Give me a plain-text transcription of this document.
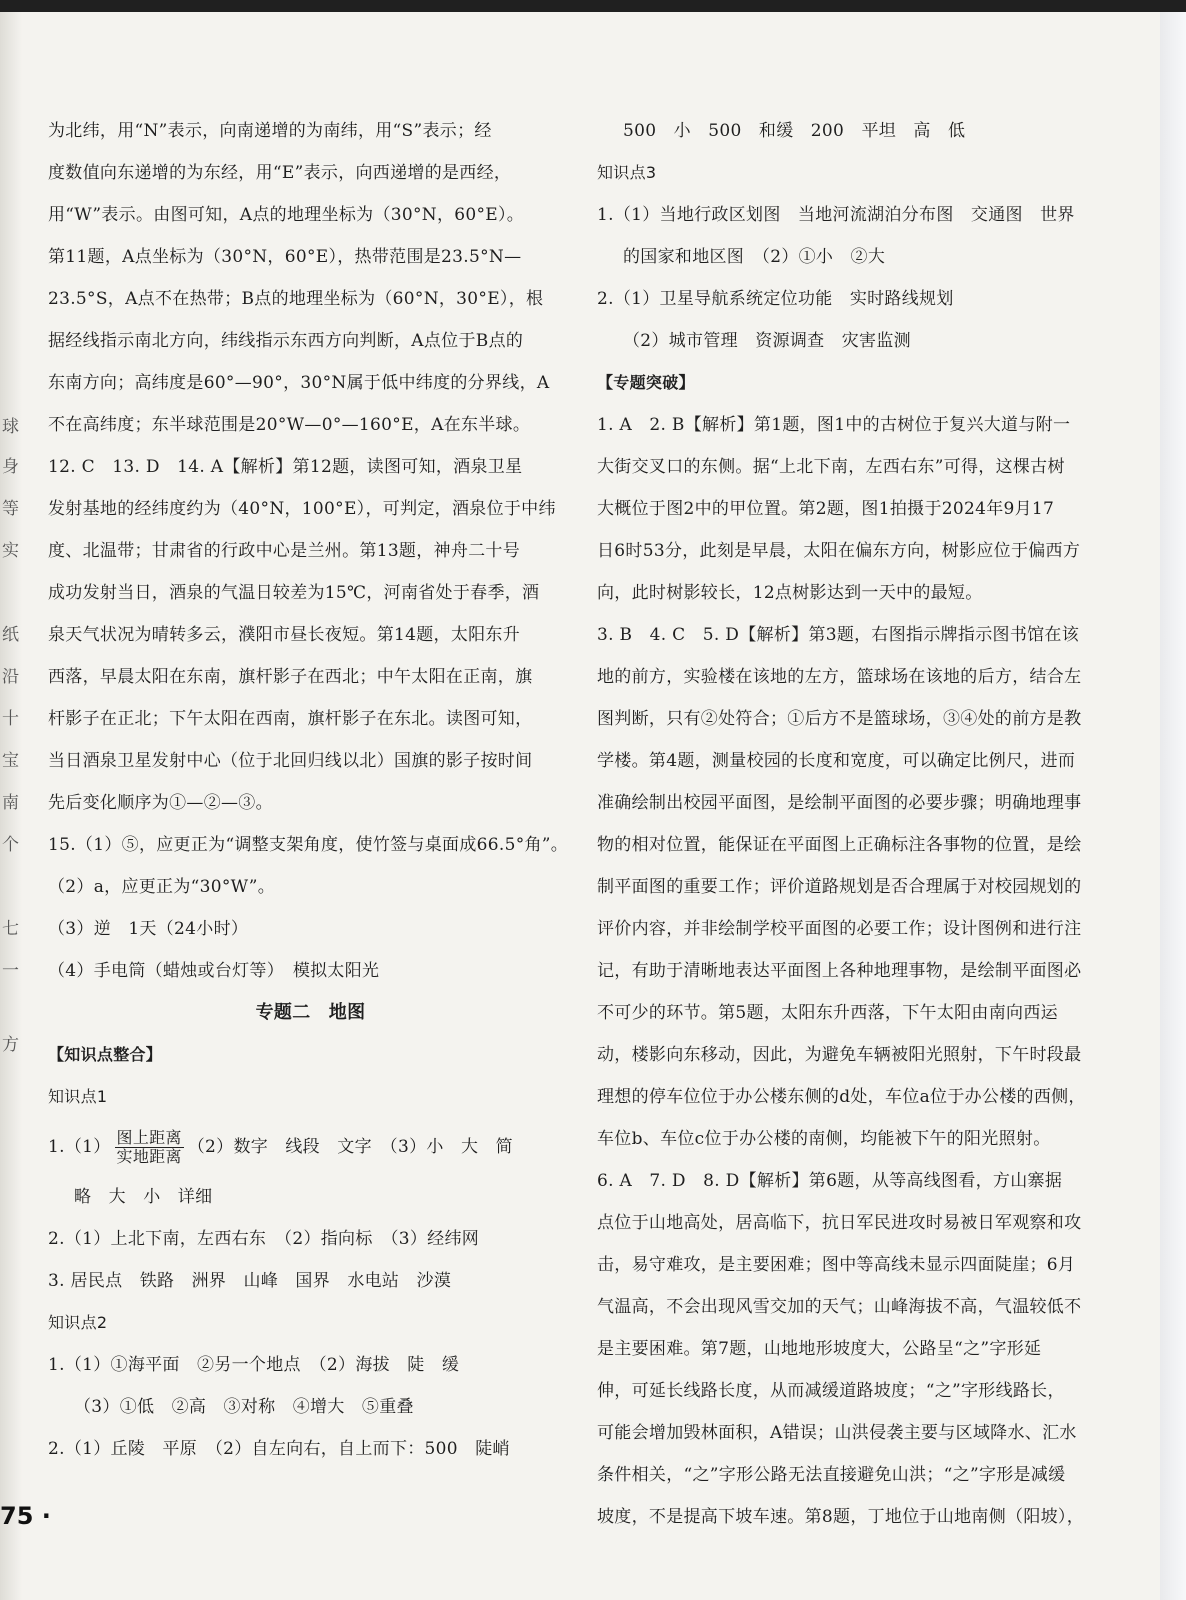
球
身
等
实
纸
沿
十
宝
南
个
七
一
方
为北纬，用“N”表示，向南递增的为南纬，用“S”表示；经
度数值向东递增的为东经，用“E”表示，向西递增的是西经，
用“W”表示。由图可知，A点的地理坐标为（30°N，60°E）。
第11题，A点坐标为（30°N，60°E），热带范围是23.5°N—
23.5°S，A点不在热带；B点的地理坐标为（60°N，30°E），根
据经线指示南北方向，纬线指示东西方向判断，A点位于B点的
东南方向；高纬度是60°—90°，30°N属于低中纬度的分界线，A
不在高纬度；东半球范围是20°W—0°—160°E，A在东半球。
12. C　13. D　14. A【解析】第12题，读图可知，酒泉卫星
发射基地的经纬度约为（40°N，100°E），可判定，酒泉位于中纬
度、北温带；甘肃省的行政中心是兰州。第13题，神舟二十号
成功发射当日，酒泉的气温日较差为15℃，河南省处于春季，酒
泉天气状况为晴转多云，濮阳市昼长夜短。第14题，太阳东升
西落，早晨太阳在东南，旗杆影子在西北；中午太阳在正南，旗
杆影子在正北；下午太阳在西南，旗杆影子在东北。读图可知，
当日酒泉卫星发射中心（位于北回归线以北）国旗的影子按时间
先后变化顺序为①—②—③。
15.（1）⑤，应更正为“调整支架角度，使竹签与桌面成66.5°角”。
（2）a，应更正为“30°W”。
（3）逆　1天（24小时）
（4）手电筒（蜡烛或台灯等）　模拟太阳光
专题二　地图
【知识点整合】
知识点1
$1.(1) \frac{\text{图上距离}}{\text{实地距离}} (2)$数字　线段　文字　（3）小　大　简
略　大　小　详细
2.（1）上北下南，左西右东　（2）指向标　（3）经纬网
3. 居民点　铁路　洲界　山峰　国界　水电站　沙漠
知识点2
1.（1）①海平面　②另一个地点　（2）海拔　陡　缓
（3）①低　②高　③对称　④增大　⑤重叠
2.（1）丘陵　平原　（2）自左向右，自上而下：500　陡峭
500　小　500　和缓　200　平坦　高　低
知识点3
1.（1）当地行政区划图　当地河流湖泊分布图　交通图　世界
的国家和地区图　（2）①小　②大
2.（1）卫星导航系统定位功能　实时路线规划
（2）城市管理　资源调查　灾害监测
【专题突破】
1. A　2. B【解析】第1题，图1中的古树位于复兴大道与附一
大街交叉口的东侧。据“上北下南，左西右东”可得，这棵古树
大概位于图2中的甲位置。第2题，图1拍摄于2024年9月17
日6时53分，此刻是早晨，太阳在偏东方向，树影应位于偏西方
向，此时树影较长，12点树影达到一天中的最短。
3. B　4. C　5. D【解析】第3题，右图指示牌指示图书馆在该
地的前方，实验楼在该地的左方，篮球场在该地的后方，结合左
图判断，只有②处符合；①后方不是篮球场，③④处的前方是教
学楼。第4题，测量校园的长度和宽度，可以确定比例尺，进而
准确绘制出校园平面图，是绘制平面图的必要步骤；明确地理事
物的相对位置，能保证在平面图上正确标注各事物的位置，是绘
制平面图的重要工作；评价道路规划是否合理属于对校园规划的
评价内容，并非绘制学校平面图的必要工作；设计图例和进行注
记，有助于清晰地表达平面图上各种地理事物，是绘制平面图必
不可少的环节。第5题，太阳东升西落，下午太阳由南向西运
动，楼影向东移动，因此，为避免车辆被阳光照射，下午时段最
理想的停车位位于办公楼东侧的d处，车位a位于办公楼的西侧，
车位b、车位c位于办公楼的南侧，均能被下午的阳光照射。
6. A　7. D　8. D【解析】第6题，从等高线图看，方山寨据
点位于山地高处，居高临下，抗日军民进攻时易被日军观察和攻
击，易守难攻，是主要困难；图中等高线未显示四面陡崖；6月
气温高，不会出现风雪交加的天气；山峰海拔不高，气温较低不
是主要困难。第7题，山地地形坡度大，公路呈“之”字形延
伸，可延长线路长度，从而减缓道路坡度；“之”字形线路长，
可能会增加毁林面积，A错误；山洪侵袭主要与区域降水、汇水
条件相关，“之”字形公路无法直接避免山洪；“之”字形是减缓
坡度，不是提高下坡车速。第8题，丁地位于山地南侧（阳坡），
75 ·
